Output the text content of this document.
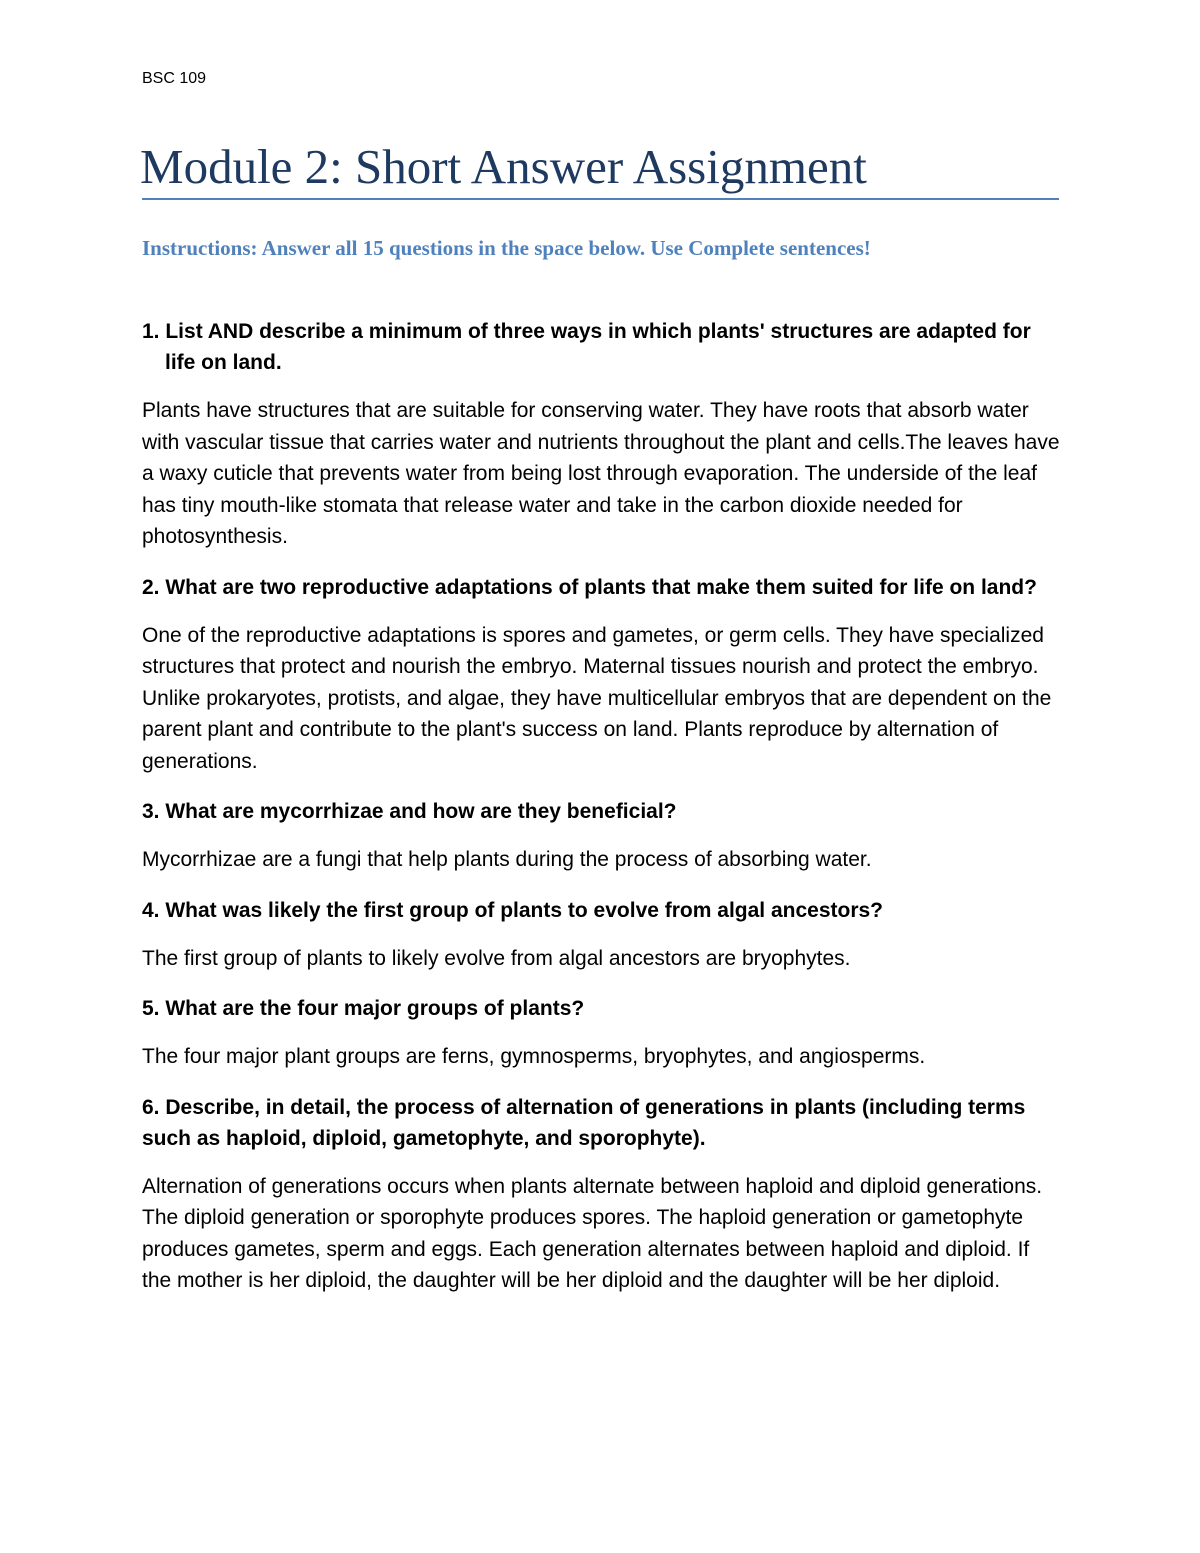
BSC 109
Module 2: Short Answer Assignment
Instructions: Answer all 15 questions in the space below. Use Complete sentences!

1. List AND describe a minimum of three ways in which plants' structures are adapted for life on land.

Plants have structures that are suitable for conserving water. They have roots that absorb water with vascular tissue that carries water and nutrients throughout the plant and cells.The leaves have a waxy cuticle that prevents water from being lost through evaporation. The underside of the leaf has tiny mouth-like stomata that release water and take in the carbon dioxide needed for photosynthesis.

2. What are two reproductive adaptations of plants that make them suited for life on land?

One of the reproductive adaptations is spores and gametes, or germ cells. They have specialized structures that protect and nourish the embryo. Maternal tissues nourish and protect the embryo. Unlike prokaryotes, protists, and algae, they have multicellular embryos that are dependent on the parent plant and contribute to the plant's success on land. Plants reproduce by alternation of generations.

3. What are mycorrhizae and how are they beneficial?

Mycorrhizae are a fungi that help plants during the process of absorbing water.

4. What was likely the first group of plants to evolve from algal ancestors?

The first group of plants to likely evolve from algal ancestors are bryophytes.

5. What are the four major groups of plants?

The four major plant groups are ferns, gymnosperms, bryophytes, and angiosperms.

6. Describe, in detail, the process of alternation of generations in plants (including terms such as haploid, diploid, gametophyte, and sporophyte).

Alternation of generations occurs when plants alternate between haploid and diploid generations. The diploid generation or sporophyte produces spores. The haploid generation or gametophyte produces gametes, sperm and eggs. Each generation alternates between haploid and diploid. If the mother is her diploid, the daughter will be her diploid and the daughter will be her diploid.
